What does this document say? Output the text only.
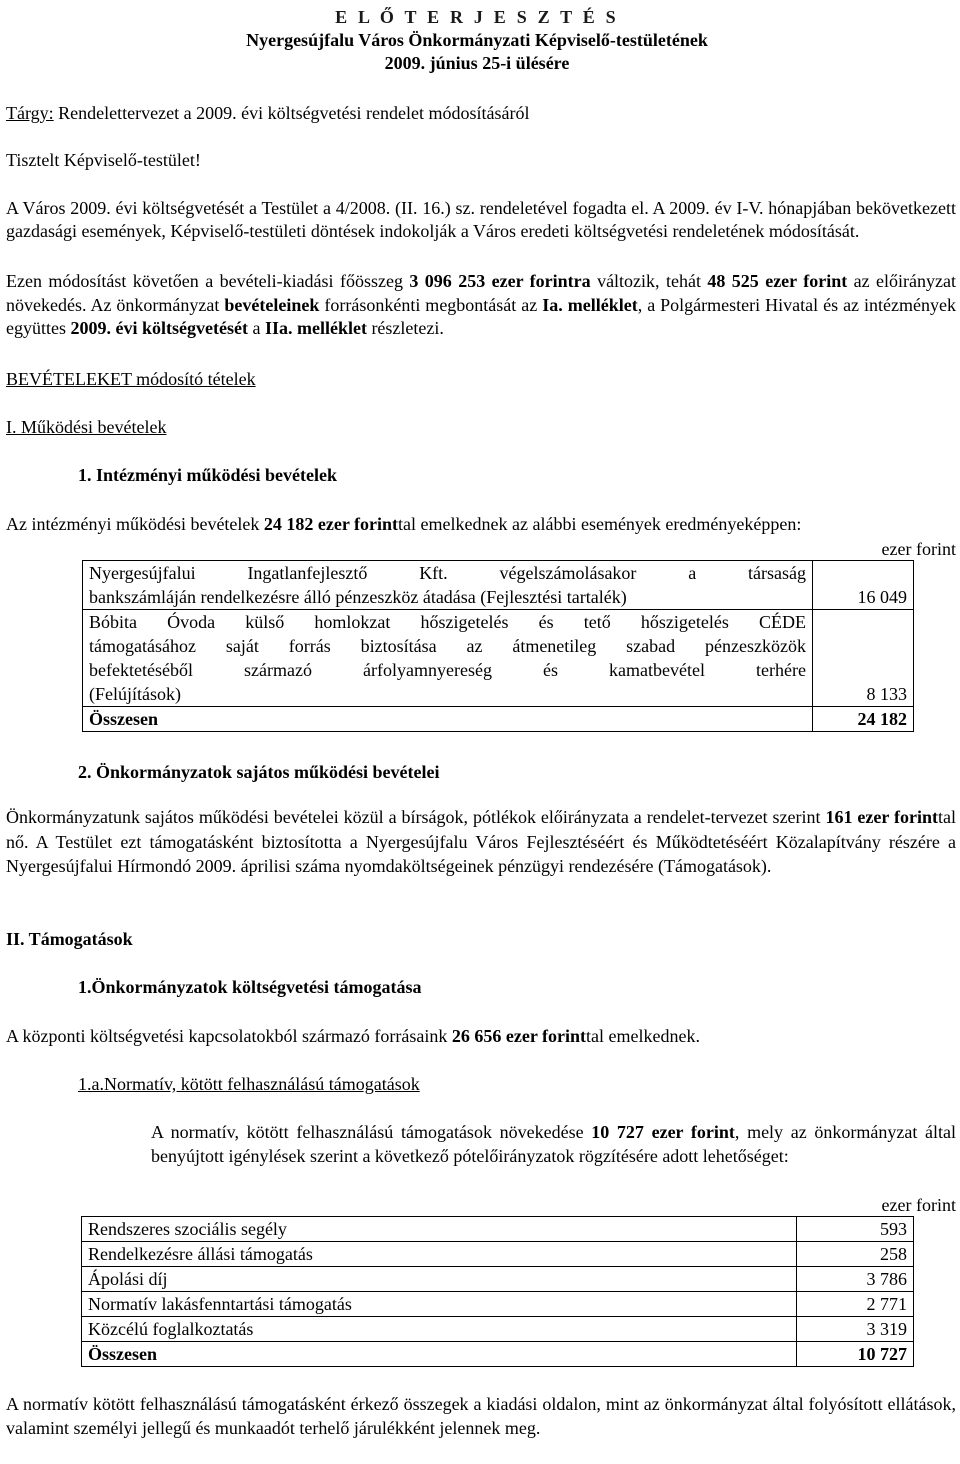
E L Ő T E R J E S Z T É S
Nyergesújfalu Város Önkormányzati Képviselő-testületének
2009. június 25-i ülésére
Tárgy: Rendelettervezet a 2009. évi költségvetési rendelet módosításáról
Tisztelt Képviselő-testület!
A Város 2009. évi költségvetését a Testület a 4/2008. (II. 16.) sz. rendeletével fogadta el. A 2009. év I-V. hónapjában bekövetkezett gazdasági események, Képviselő-testületi döntések indokolják a Város eredeti költségvetési rendeletének módosítását.
Ezen módosítást követően a bevételi-kiadási főösszeg 3 096 253 ezer forintra változik, tehát 48 525 ezer forint az előirányzat növekedés. Az önkormányzat bevételeinek forrásonkénti megbontását az Ia. melléklet, a Polgármesteri Hivatal és az intézmények együttes 2009. évi költségvetését a IIa. melléklet részletezi.
BEVÉTELEKET módosító tételek
I. Működési bevételek
1. Intézményi működési bevételek
Az intézményi működési bevételek 24 182 ezer forinttal emelkednek az alábbi események eredményeképpen:
ezer forint
Nyergesújfalui Ingatlanfejlesztő Kft. végelszámolásakor a társaság
bankszámláján rendelkezésre álló pénzeszköz átadása (Fejlesztési tartalék)	16 049

Bóbita Óvoda külső homlokzat hőszigetelés és tető hőszigetelés CÉDE
támogatásához saját forrás biztosítása az átmenetileg szabad pénzeszközök
befektetéséből származó árfolyamnyereség és kamatbevétel terhére
(Felújítások)	8 133
Összesen	24 182
2. Önkormányzatok sajátos működési bevételei
Önkormányzatunk sajátos működési bevételei közül a bírságok, pótlékok előirányzata a rendelet-tervezet szerint 161 ezer forinttal nő. A Testület ezt támogatásként biztosította a Nyergesújfalu Város Fejlesztéséért és Működtetéséért Közalapítvány részére a Nyergesújfalui Hírmondó 2009. áprilisi száma nyomdaköltségeinek pénzügyi rendezésére (Támogatások).
II. Támogatások
1.Önkormányzatok költségvetési támogatása
A központi költségvetési kapcsolatokból származó forrásaink 26 656 ezer forinttal emelkednek.
1.a.Normatív, kötött felhasználású támogatások
A normatív, kötött felhasználású támogatások növekedése 10 727 ezer forint, mely az önkormányzat által benyújtott igénylések szerint a következő pótelőirányzatok rögzítésére adott lehetőséget:
ezer forint
Rendszeres szociális segély	593
Rendelkezésre állási támogatás	258
Ápolási díj	3 786
Normatív lakásfenntartási támogatás	2 771
Közcélú foglalkoztatás	3 319
Összesen	10 727
A normatív kötött felhasználású támogatásként érkező összegek a kiadási oldalon, mint az önkormányzat által folyósított ellátások, valamint személyi jellegű és munkaadót terhelő járulékként jelennek meg.
